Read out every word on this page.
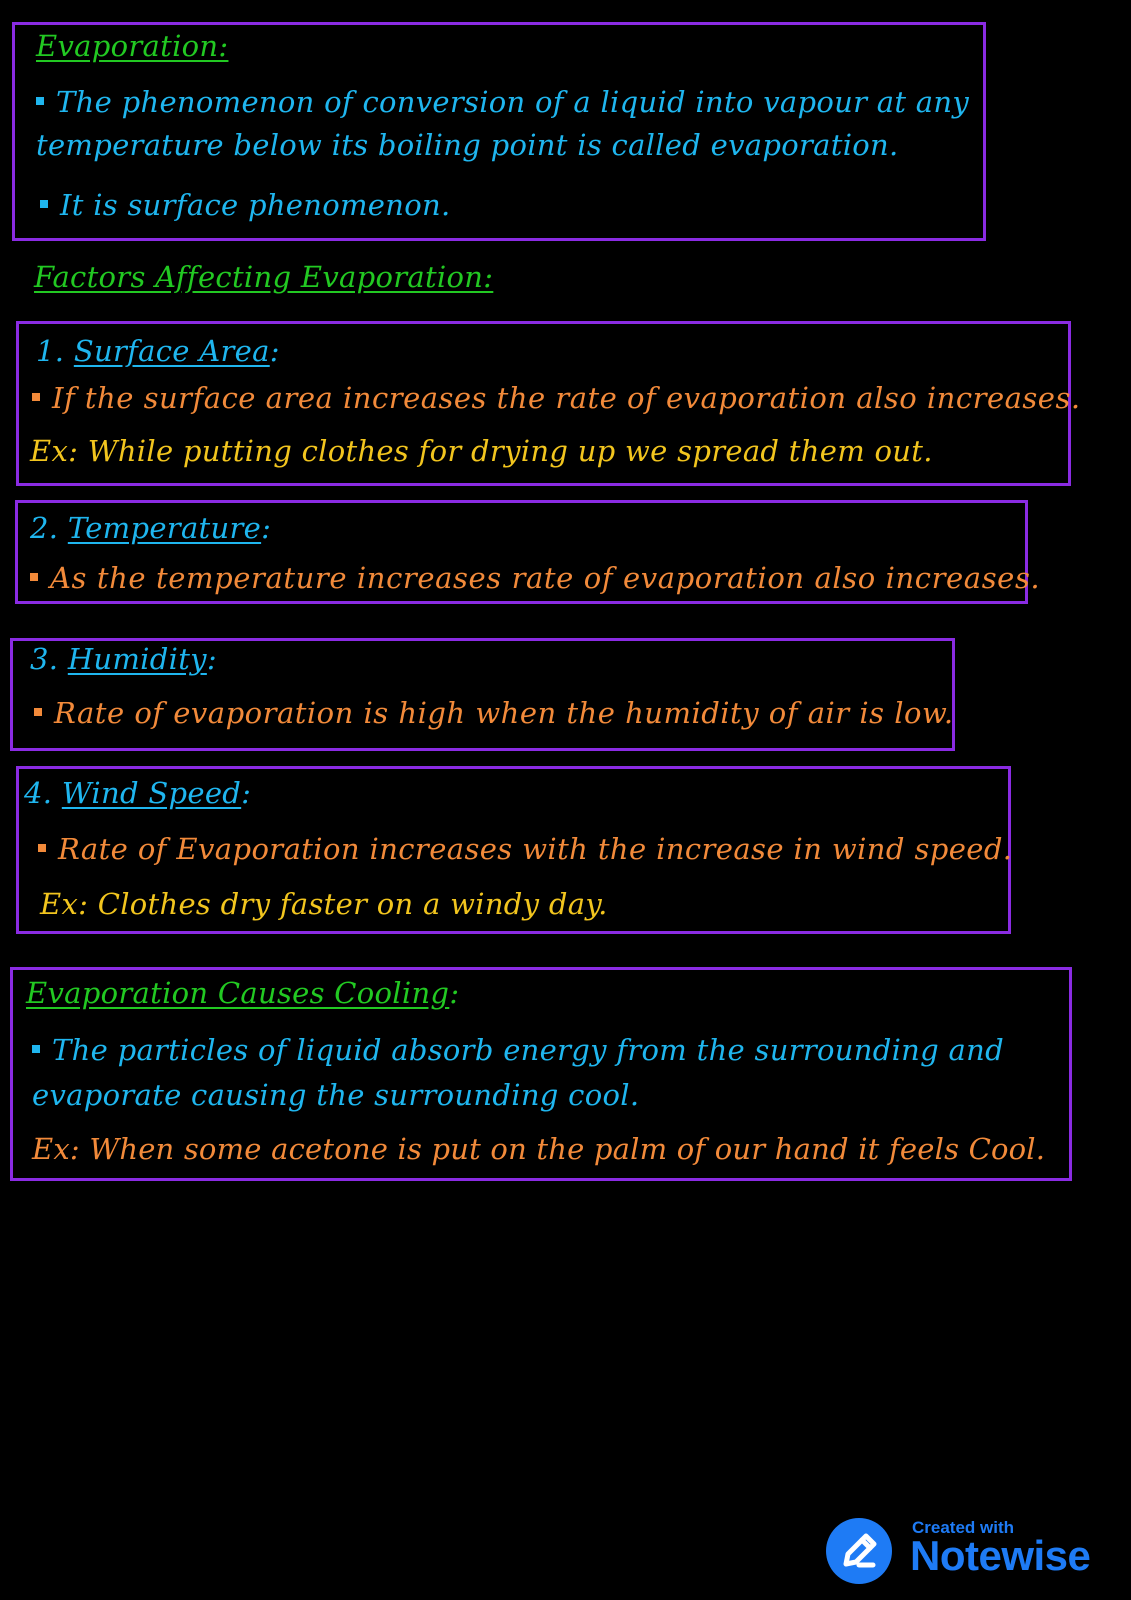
Evaporation:
The phenomenon of conversion of a liquid into vapour at any
temperature below its boiling point is called evaporation.
It is surface phenomenon.
Factors Affecting Evaporation:
1. Surface Area:
If the surface area increases the rate of evaporation also increases.
Ex: While putting clothes for drying up we spread them out.
2. Temperature:
As the temperature increases rate of evaporation also increases.
3. Humidity:
Rate of evaporation is high when the humidity of air is low.
4. Wind Speed:
Rate of Evaporation increases with the increase in wind speed.
Ex: Clothes dry faster on a windy day.
Evaporation Causes Cooling:
The particles of liquid absorb energy from the surrounding and
evaporate causing the surrounding cool.
Ex: When some acetone is put on the palm of our hand it feels Cool.
Created with
Notewise
